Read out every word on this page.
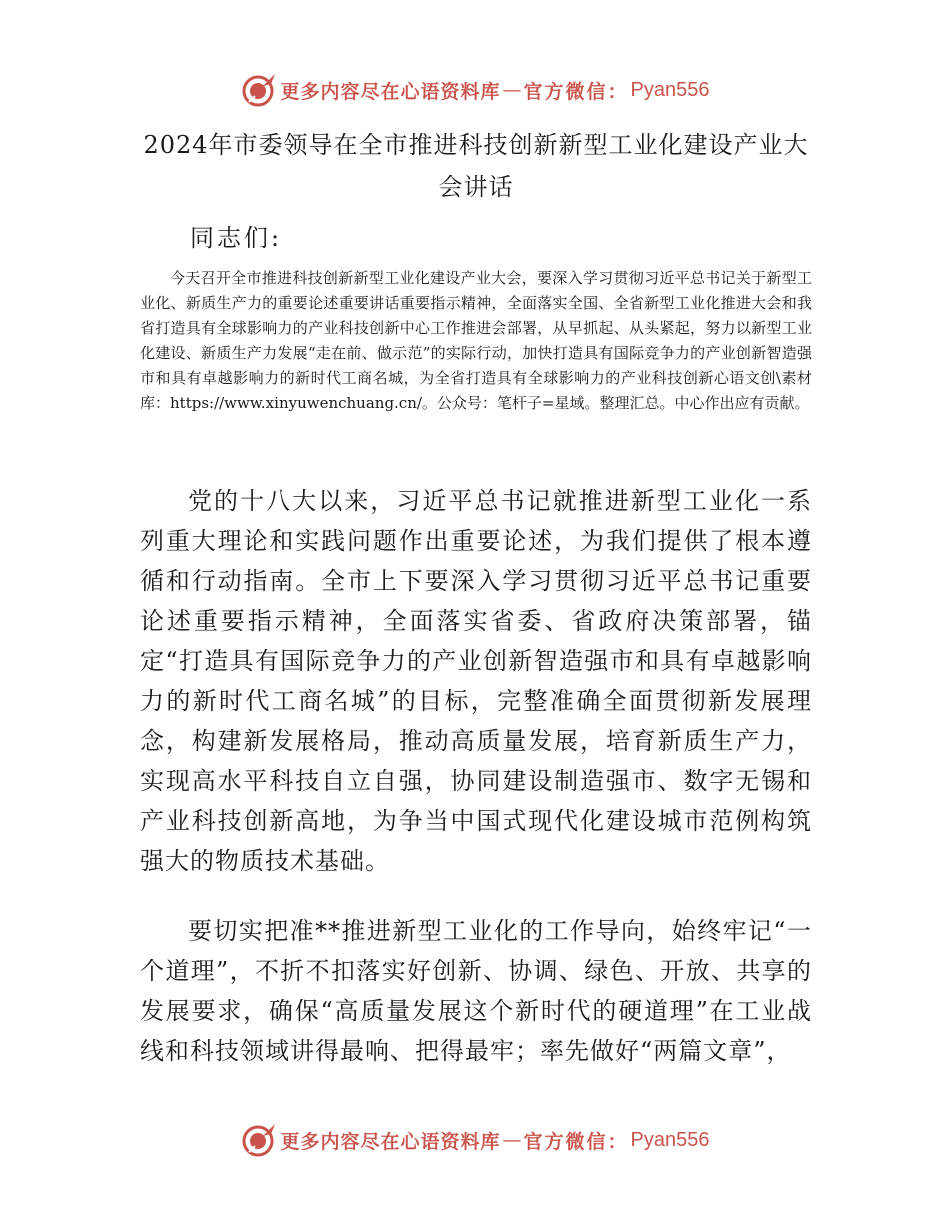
更多内容尽在心语资料库 — 官方微信： Pyan556
2024年市委领导在全市推进科技创新新型工业化建设产业大会讲话
同志们:

今天召开全市推进科技创新新型工业化建设产业大会，要深入学习贯彻习近平总书记关于新型工业化、新质生产力的重要论述重要讲话重要指示精神，全面落实全国、全省新型工业化推进大会和我省打造具有全球影响力的产业科技创新中心工作推进会部署，从早抓起、从头紧起，努力以新型工业化建设、新质生产力发展“走在前、做示范”的实际行动，加快打造具有国际竞争力的产业创新智造强市和具有卓越影响力的新时代工商名城，为全省打造具有全球影响力的产业科技创新心语文创\素材库：https://www.xinyuwenchuang.cn/。公众号：笔杆子=星域。整理汇总。中心作出应有贡献。

党的十八大以来，习近平总书记就推进新型工业化一系列重大理论和实践问题作出重要论述，为我们提供了根本遵循和行动指南。全市上下要深入学习贯彻习近平总书记重要论述重要指示精神，全面落实省委、省政府决策部署，锚定“打造具有国际竞争力的产业创新智造强市和具有卓越影响力的新时代工商名城”的目标，完整准确全面贯彻新发展理念，构建新发展格局，推动高质量发展，培育新质生产力，实现高水平科技自立自强，协同建设制造强市、数字无锡和产业科技创新高地，为争当中国式现代化建设城市范例构筑强大的物质技术基础。

要切实把准**推进新型工业化的工作导向，始终牢记“一个道理”，不折不扣落实好创新、协调、绿色、开放、共享的发展要求，确保“高质量发展这个新时代的硬道理”在工业战线和科技领域讲得最响、把得最牢；率先做好“两篇文章”，

更多内容尽在心语资料库 — 官方微信： Pyan556
